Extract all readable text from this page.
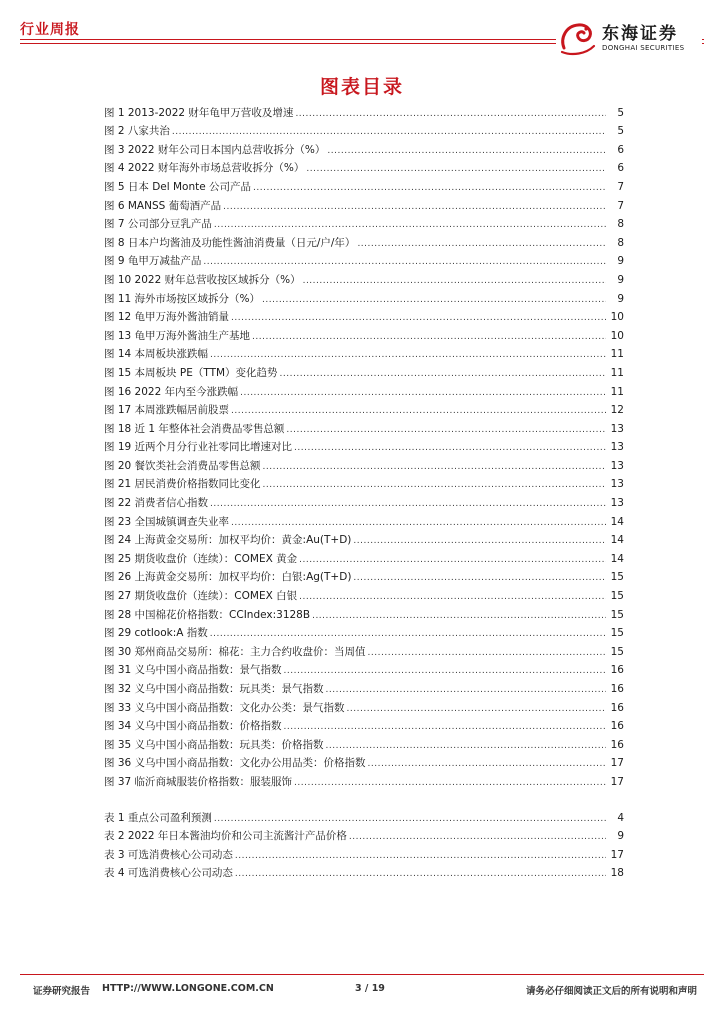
行业周报	东海证券
DONGHAI SECURITIES
图表目录
图 1 2013-2022 财年龟甲万营收及增速 .....	5
图 2 八家共治 .....	5
图 3 2022 财年公司日本国内总营收拆分（%） .....	6
图 4 2022 财年海外市场总营收拆分（%） .....	6
图 5 日本 Del Monte 公司产品 .....	7
图 6 MANSS 葡萄酒产品 .....	7
图 7 公司部分豆乳产品 .....	8
图 8 日本户均酱油及功能性酱油消费量（日元/户/年） .....	8
图 9 龟甲万减盐产品 .....	9
图 10 2022 财年总营收按区域拆分（%） .....	9
图 11 海外市场按区域拆分（%） .....	9
图 12 龟甲万海外酱油销量 .....	10
图 13 龟甲万海外酱油生产基地 .....	10
图 14 本周板块涨跌幅 .....	11
图 15 本周板块 PE（TTM）变化趋势 .....	11
图 16 2022 年内至今涨跌幅 .....	11
图 17 本周涨跌幅居前股票 .....	12
图 18 近 1 年整体社会消费品零售总额 .....	13
图 19 近两个月分行业社零同比增速对比 .....	13
图 20 餐饮类社会消费品零售总额 .....	13
图 21 居民消费价格指数同比变化 .....	13
图 22 消费者信心指数 .....	13
图 23 全国城镇调查失业率 .....	14
图 24 上海黄金交易所：加权平均价：黄金:Au(T+D) .....	14
图 25 期货收盘价（连续）：COMEX 黄金 .....	14
图 26 上海黄金交易所：加权平均价：白银:Ag(T+D) .....	15
图 27 期货收盘价（连续）：COMEX 白银 .....	15
图 28 中国棉花价格指数：CCIndex:3128B .....	15
图 29 cotlook:A 指数 .....	15
图 30 郑州商品交易所：棉花：主力合约收盘价：当周值 .....	15
图 31 义乌中国小商品指数：景气指数 .....	16
图 32 义乌中国小商品指数：玩具类：景气指数 .....	16
图 33 义乌中国小商品指数：文化办公类：景气指数 .....	16
图 34 义乌中国小商品指数：价格指数 .....	16
图 35 义乌中国小商品指数：玩具类：价格指数 .....	16
图 36 义乌中国小商品指数：文化办公用品类：价格指数 .....	17
图 37 临沂商城服装价格指数：服装服饰 .....	17
表 1 重点公司盈利预测 .....	4
表 2 2022 年日本酱油均价和公司主流酱汁产品价格 .....	9
表 3 可选消费核心公司动态 .....	17
表 4 可选消费核心公司动态 .....	18
证券研究报告 HTTP://WWW.LONGONE.COM.CN	3 / 19	请务必仔细阅读正文后的所有说明和声明
